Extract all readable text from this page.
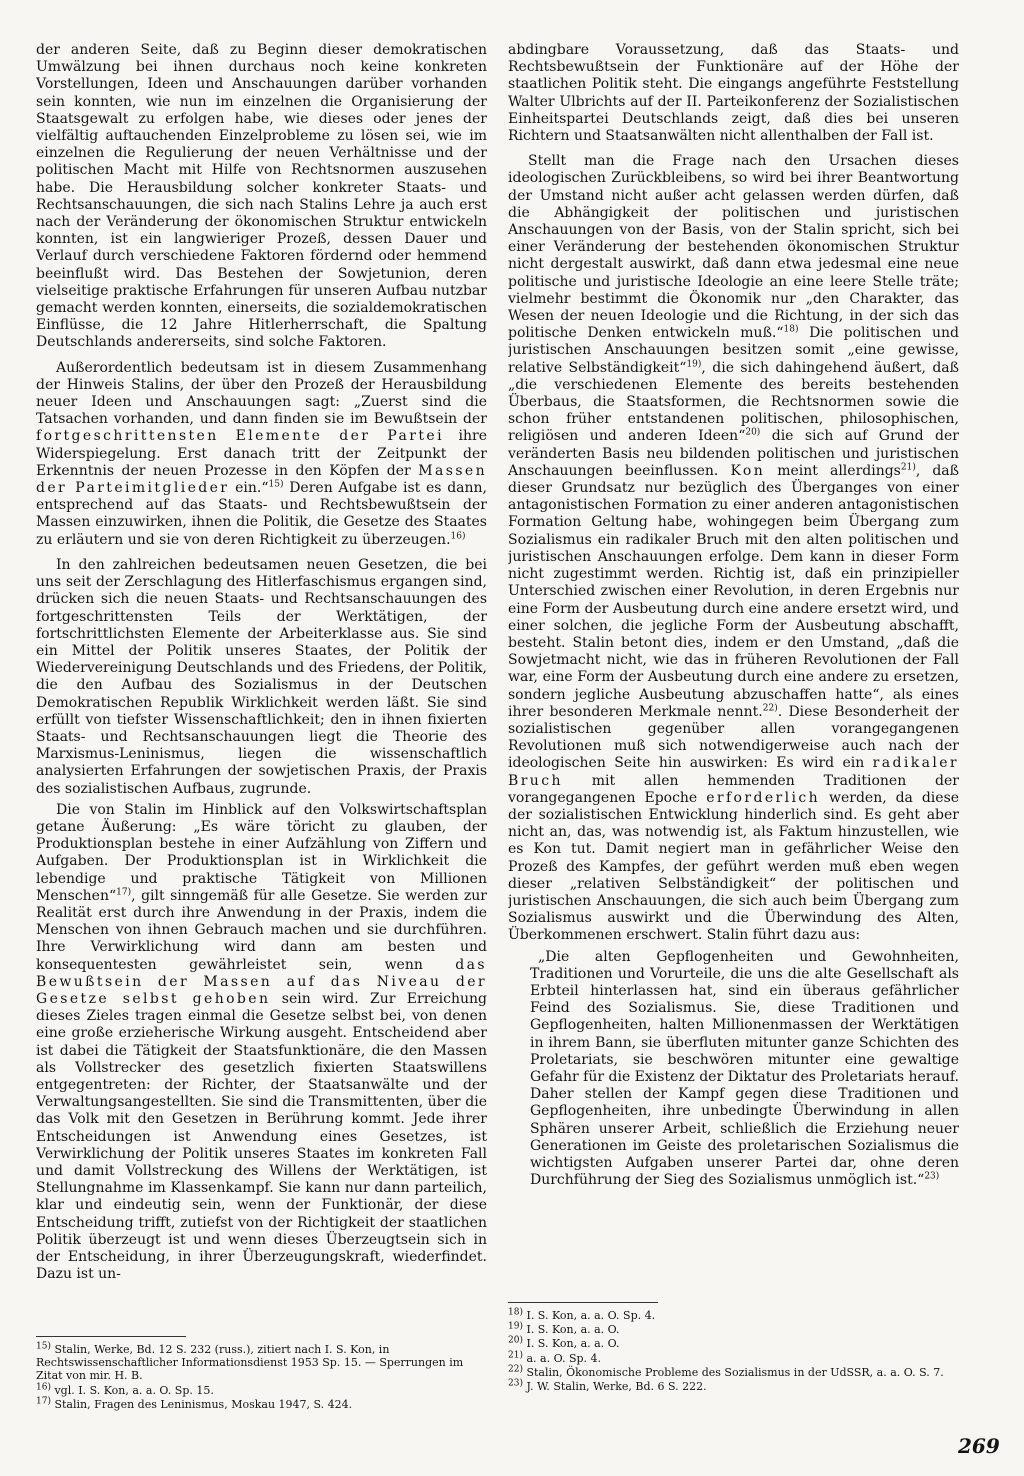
der anderen Seite, daß zu Beginn dieser demokratischen Umwälzung bei ihnen durchaus noch keine konkreten Vorstellungen, Ideen und Anschauungen darüber vorhanden sein konnten, wie nun im einzelnen die Organisierung der Staatsgewalt zu erfolgen habe, wie dieses oder jenes der vielfältig auftauchenden Einzelprobleme zu lösen sei, wie im einzelnen die Regulierung der neuen Verhältnisse und der politischen Macht mit Hilfe von Rechtsnormen auszusehen habe. Die Herausbildung solcher konkreter Staats- und Rechtsanschauungen, die sich nach Stalins Lehre ja auch erst nach der Veränderung der ökonomischen Struktur entwickeln konnten, ist ein langwieriger Prozeß, dessen Dauer und Verlauf durch verschiedene Faktoren fördernd oder hemmend beeinflußt wird. Das Bestehen der Sowjetunion, deren vielseitige praktische Erfahrungen für unseren Aufbau nutzbar gemacht werden konnten, einerseits, die sozialdemokratischen Einflüsse, die 12 Jahre Hitlerherrschaft, die Spaltung Deutschlands andererseits, sind solche Faktoren.

Außerordentlich bedeutsam ist in diesem Zusammenhang der Hinweis Stalins, der über den Prozeß der Herausbildung neuer Ideen und Anschauungen sagt: „Zuerst sind die Tatsachen vorhanden, und dann finden sie im Bewußtsein der fortgeschrittensten Elemente der Partei ihre Widerspiegelung. Erst danach tritt der Zeitpunkt der Erkenntnis der neuen Prozesse in den Köpfen der Massen der Parteimitglieder ein.“$^{15)}$ Deren Aufgabe ist es dann, entsprechend auf das Staats- und Rechtsbewußtsein der Massen einzuwirken, ihnen die Politik, die Gesetze des Staates zu erläutern und sie von deren Richtigkeit zu überzeugen.$^{16)}$

In den zahlreichen bedeutsamen neuen Gesetzen, die bei uns seit der Zerschlagung des Hitlerfaschismus ergangen sind, drücken sich die neuen Staats- und Rechtsanschauungen des fortgeschrittensten Teils der Werktätigen, der fortschrittlichsten Elemente der Arbeiterklasse aus. Sie sind ein Mittel der Politik unseres Staates, der Politik der Wiedervereinigung Deutschlands und des Friedens, der Politik, die den Aufbau des Sozialismus in der Deutschen Demokratischen Republik Wirklichkeit werden läßt. Sie sind erfüllt von tiefster Wissenschaftlichkeit; den in ihnen fixierten Staats- und Rechtsanschauungen liegt die Theorie des Marxismus-Leninismus, liegen die wissenschaftlich analysierten Erfahrungen der sowjetischen Praxis, der Praxis des sozialistischen Aufbaus, zugrunde.

Die von Stalin im Hinblick auf den Volkswirtschaftsplan getane Äußerung: „Es wäre töricht zu glauben, der Produktionsplan bestehe in einer Aufzählung von Ziffern und Aufgaben. Der Produktionsplan ist in Wirklichkeit die lebendige und praktische Tätigkeit von Millionen Menschen“$^{17)}$, gilt sinngemäß für alle Gesetze. Sie werden zur Realität erst durch ihre Anwendung in der Praxis, indem die Menschen von ihnen Gebrauch machen und sie durchführen. Ihre Verwirklichung wird dann am besten und konsequentesten gewährleistet sein, wenn das Bewußtsein der Massen auf das Niveau der Gesetze selbst gehoben sein wird. Zur Erreichung dieses Zieles tragen einmal die Gesetze selbst bei, von denen eine große erzieherische Wirkung ausgeht. Entscheidend aber ist dabei die Tätigkeit der Staatsfunktionäre, die den Massen als Vollstrecker des gesetzlich fixierten Staatswillens entgegentreten: der Richter, der Staatsanwälte und der Verwaltungsangestellten. Sie sind die Transmittenten, über die das Volk mit den Gesetzen in Berührung kommt. Jede ihrer Entscheidungen ist Anwendung eines Gesetzes, ist Verwirklichung der Politik unseres Staates im konkreten Fall und damit Vollstreckung des Willens der Werktätigen, ist Stellungnahme im Klassenkampf. Sie kann nur dann parteilich, klar und eindeutig sein, wenn der Funktionär, der diese Entscheidung trifft, zutiefst von der Richtigkeit der staatlichen Politik überzeugt ist und wenn dieses Überzeugtsein sich in der Entscheidung, in ihrer Überzeugungskraft, wiederfindet. Dazu ist un-

$^{15)}$ Stalin, Werke, Bd. 12 S. 232 (russ.), zitiert nach I. S. Kon, in Rechtswissenschaftlicher Informationsdienst 1953 Sp. 15. — Sperrungen im Zitat von mir. H. B.

$^{16)}$ vgl. I. S. Kon, a. a. O. Sp. 15.

$^{17)}$ Stalin, Fragen des Leninismus, Moskau 1947, S. 424.

abdingbare Voraussetzung, daß das Staats- und Rechtsbewußtsein der Funktionäre auf der Höhe der staatlichen Politik steht. Die eingangs angeführte Feststellung Walter Ulbrichts auf der II. Parteikonferenz der Sozialistischen Einheitspartei Deutschlands zeigt, daß dies bei unseren Richtern und Staatsanwälten nicht allenthalben der Fall ist.

Stellt man die Frage nach den Ursachen dieses ideologischen Zurückbleibens, so wird bei ihrer Beantwortung der Umstand nicht außer acht gelassen werden dürfen, daß die Abhängigkeit der politischen und juristischen Anschauungen von der Basis, von der Stalin spricht, sich bei einer Veränderung der bestehenden ökonomischen Struktur nicht dergestalt auswirkt, daß dann etwa jedesmal eine neue politische und juristische Ideologie an eine leere Stelle träte; vielmehr bestimmt die Ökonomik nur „den Charakter, das Wesen der neuen Ideologie und die Richtung, in der sich das politische Denken entwickeln muß.“$^{18)}$ Die politischen und juristischen Anschauungen besitzen somit „eine gewisse, relative Selbständigkeit“$^{19)}$, die sich dahingehend äußert, daß „die verschiedenen Elemente des bereits bestehenden Überbaus, die Staatsformen, die Rechtsnormen sowie die schon früher entstandenen politischen, philosophischen, religiösen und anderen Ideen“$^{20)}$ die sich auf Grund der veränderten Basis neu bildenden politischen und juristischen Anschauungen beeinflussen. Kon meint allerdings$^{21)}$, daß dieser Grundsatz nur bezüglich des Überganges von einer antagonistischen Formation zu einer anderen antagonistischen Formation Geltung habe, wohingegen beim Übergang zum Sozialismus ein radikaler Bruch mit den alten politischen und juristischen Anschauungen erfolge. Dem kann in dieser Form nicht zugestimmt werden. Richtig ist, daß ein prinzipieller Unterschied zwischen einer Revolution, in deren Ergebnis nur eine Form der Ausbeutung durch eine andere ersetzt wird, und einer solchen, die jegliche Form der Ausbeutung abschafft, besteht. Stalin betont dies, indem er den Umstand, „daß die Sowjetmacht nicht, wie das in früheren Revolutionen der Fall war, eine Form der Ausbeutung durch eine andere zu ersetzen, sondern jegliche Ausbeutung abzuschaffen hatte“, als eines ihrer besonderen Merkmale nennt.$^{22)}$. Diese Besonderheit der sozialistischen gegenüber allen vorangegangenen Revolutionen muß sich notwendigerweise auch nach der ideologischen Seite hin auswirken: Es wird ein radikaler Bruch mit allen hemmenden Traditionen der vorangegangenen Epoche erforderlich werden, da diese der sozialistischen Entwicklung hinderlich sind. Es geht aber nicht an, das, was notwendig ist, als Faktum hinzustellen, wie es Kon tut. Damit negiert man in gefährlicher Weise den Prozeß des Kampfes, der geführt werden muß eben wegen dieser „relativen Selbständigkeit“ der politischen und juristischen Anschauungen, die sich auch beim Übergang zum Sozialismus auswirkt und die Überwindung des Alten, Überkommenen erschwert. Stalin führt dazu aus:

„Die alten Gepflogenheiten und Gewohnheiten, Traditionen und Vorurteile, die uns die alte Gesellschaft als Erbteil hinterlassen hat, sind ein überaus gefährlicher Feind des Sozialismus. Sie, diese Traditionen und Gepflogenheiten, halten Millionenmassen der Werktätigen in ihrem Bann, sie überfluten mitunter ganze Schichten des Proletariats, sie beschwören mitunter eine gewaltige Gefahr für die Existenz der Diktatur des Proletariats herauf. Daher stellen der Kampf gegen diese Traditionen und Gepflogenheiten, ihre unbedingte Überwindung in allen Sphären unserer Arbeit, schließlich die Erziehung neuer Generationen im Geiste des proletarischen Sozialismus die wichtigsten Aufgaben unserer Partei dar, ohne deren Durchführung der Sieg des Sozialismus unmöglich ist.“$^{23)}$

$^{18)}$ I. S. Kon, a. a. O. Sp. 4.

$^{19)}$ I. S. Kon, a. a. O.

$^{20)}$ I. S. Kon, a. a. O.

$^{21)}$ a. a. O. Sp. 4.

$^{22)}$ Stalin, Ökonomische Probleme des Sozialismus in der UdSSR, a. a. O. S. 7.

$^{23)}$ J. W. Stalin, Werke, Bd. 6 S. 222.

269
